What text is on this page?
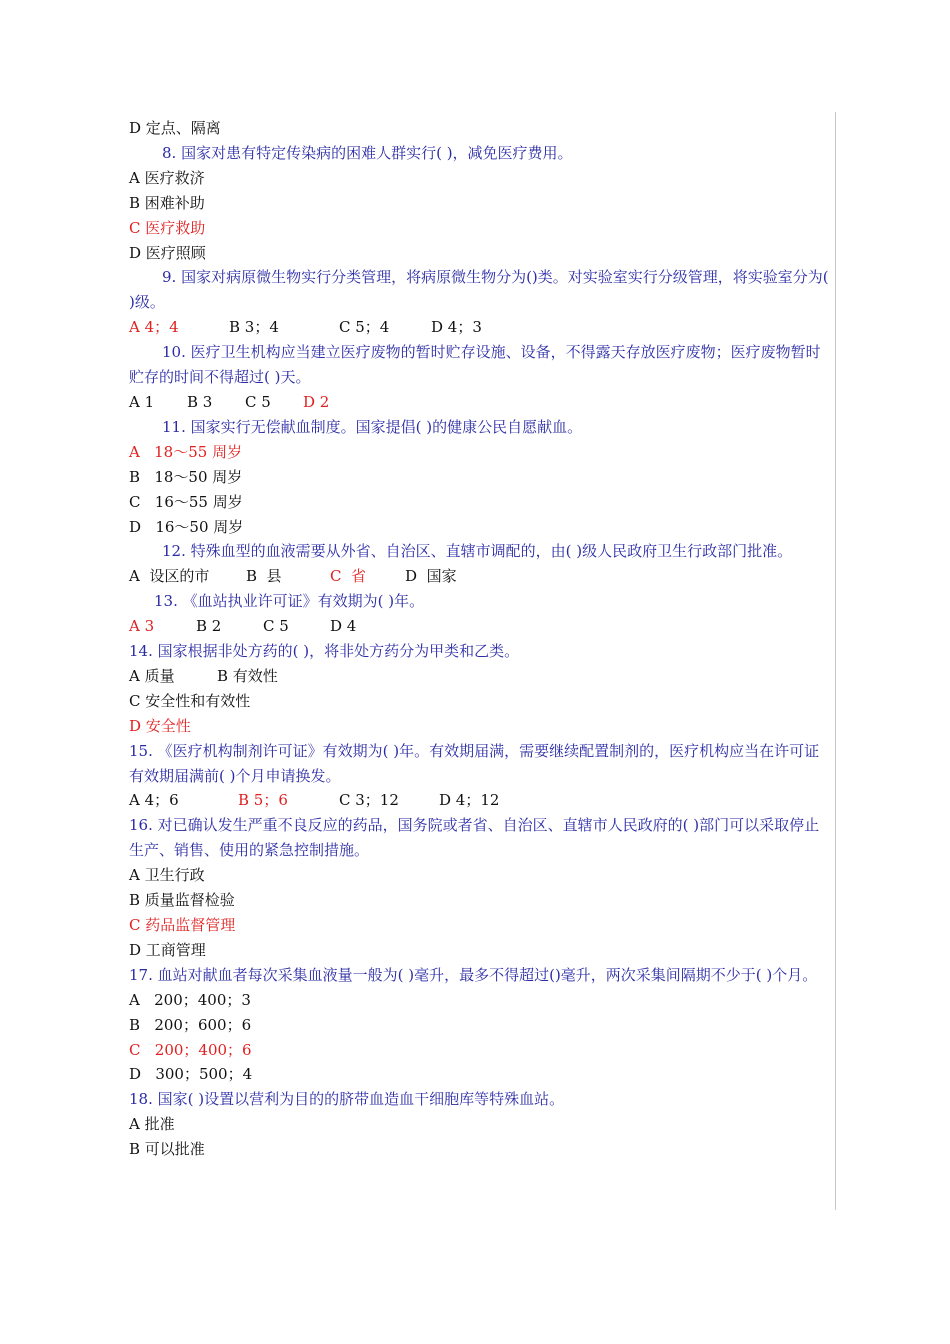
D 定点、隔离
8. 国家对患有特定传染病的困难人群实行( )，减免医疗费用。
A 医疗救济
B 困难补助
C 医疗救助
D 医疗照顾
9. 国家对病原微生物实行分类管理，将病原微生物分为()类。对实验室实行分级管理，将实验室分为( )级。
A 4；4	B 3；4	C 5；4	D 4；3
10. 医疗卫生机构应当建立医疗废物的暂时贮存设施、设备，不得露天存放医疗废物；医疗废物暂时贮存的时间不得超过( )天。
A 1 B 3 C 5 D 2
11. 国家实行无偿献血制度。国家提倡( )的健康公民自愿献血。
A   18～55 周岁
B   18～50 周岁
C   16～55 周岁
D   16～50 周岁
12. 特殊血型的血液需要从外省、自治区、直辖市调配的，由( )级人民政府卫生行政部门批准。
A  设区的市 B  县	C  省	D  国家
13. 《血站执业许可证》有效期为( )年。
A 3	B 2	C 5	D 4
14. 国家根据非处方药的( )，将非处方药分为甲类和乙类。
A 质量	B 有效性
C 安全性和有效性
D 安全性
15. 《医疗机构制剂许可证》有效期为( )年。有效期届满，需要继续配置制剂的，医疗机构应当在许可证有效期届满前( )个月申请换发。
A 4；6	B 5；6	C 3；12	D 4；12
16. 对已确认发生严重不良反应的药品，国务院或者省、自治区、直辖市人民政府的( )部门可以采取停止生产、销售、使用的紧急控制措施。
A 卫生行政
B 质量监督检验
C 药品监督管理
D 工商管理
17. 血站对献血者每次采集血液量一般为( )毫升，最多不得超过()毫升，两次采集间隔期不少于( )个月。
A   200；400；3
B   200；600；6
C   200；400；6
D   300；500；4
18. 国家( )设置以营利为目的的脐带血造血干细胞库等特殊血站。
A 批准
B 可以批准
